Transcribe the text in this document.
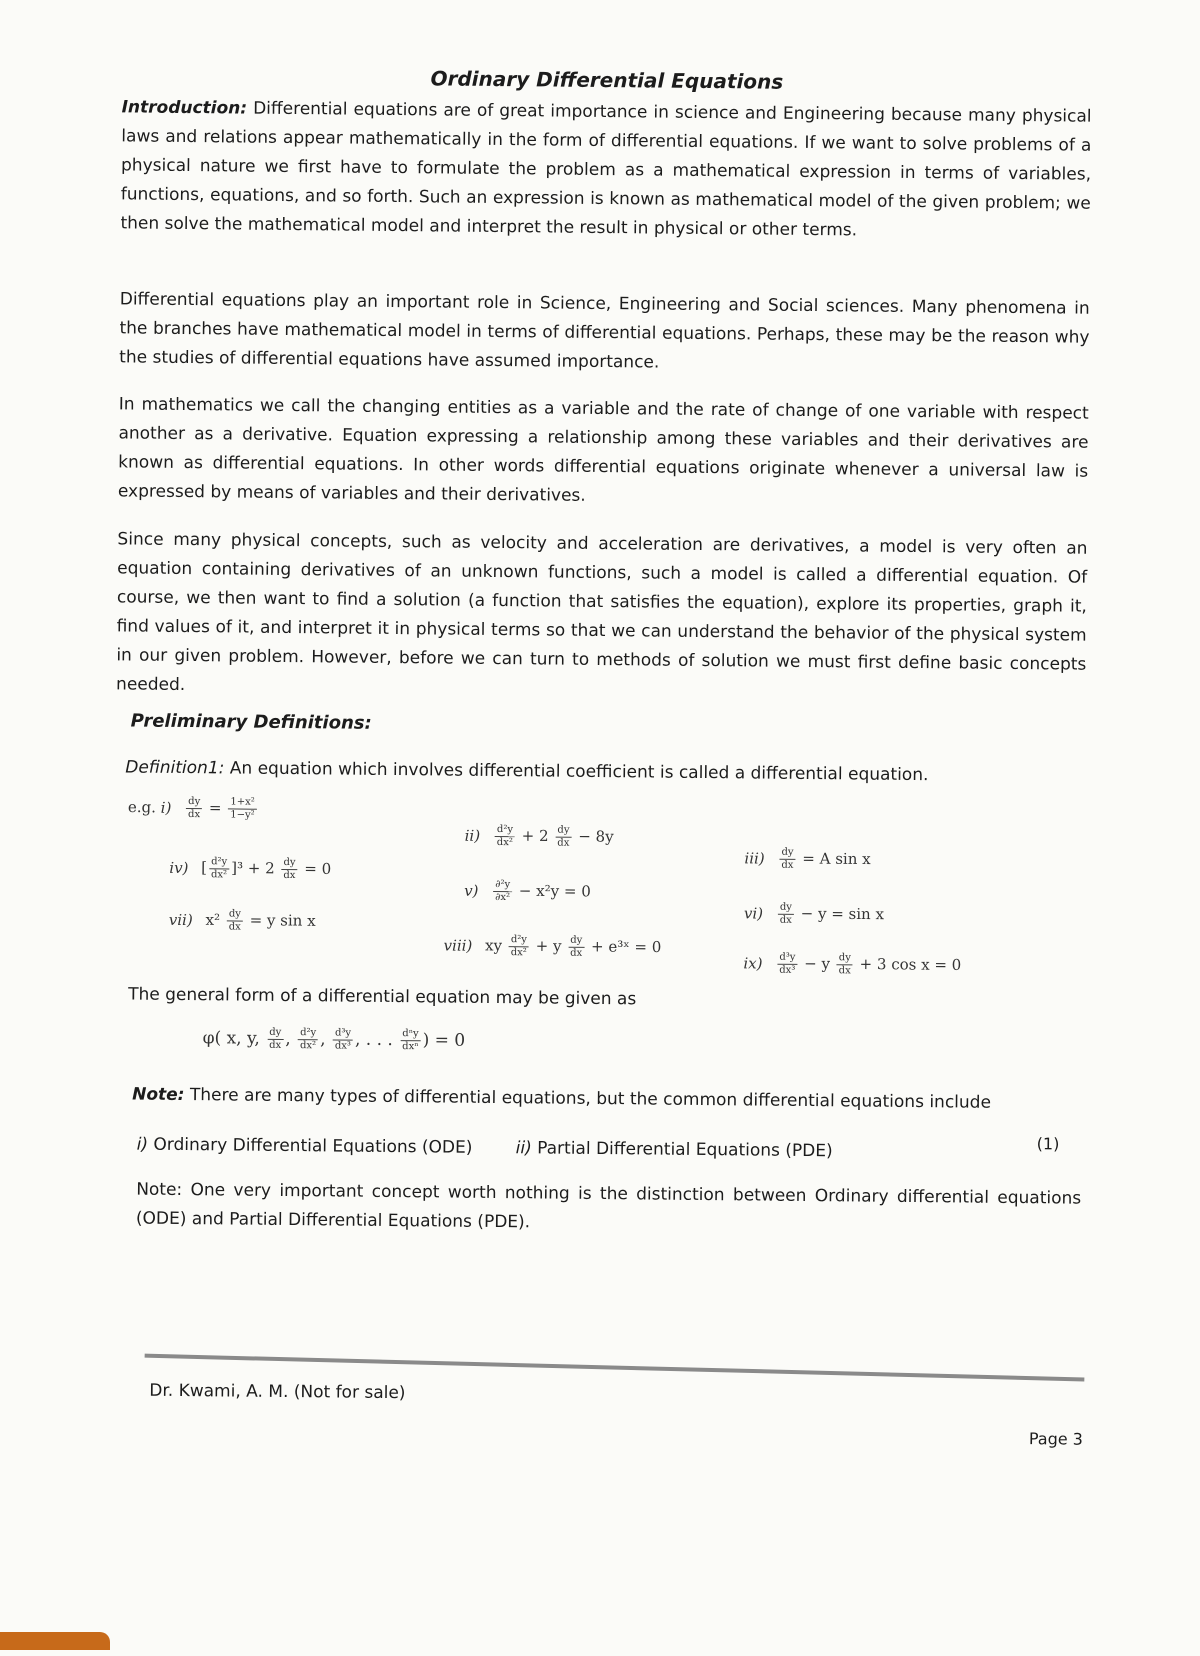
Ordinary Differential Equations
Introduction: Differential equations are of great importance in science and Engineering because many physical laws and relations appear mathematically in the form of differential equations. If we want to solve problems of a physical nature we first have to formulate the problem as a mathematical expression in terms of variables, functions, equations, and so forth. Such an expression is known as mathematical model of the given problem; we then solve the mathematical model and interpret the result in physical or other terms.
Differential equations play an important role in Science, Engineering and Social sciences. Many phenomena in the branches have mathematical model in terms of differential equations. Perhaps, these may be the reason why the studies of differential equations have assumed importance.
In mathematics we call the changing entities as a variable and the rate of change of one variable with respect another as a derivative. Equation expressing a relationship among these variables and their derivatives are known as differential equations. In other words differential equations originate whenever a universal law is expressed by means of variables and their derivatives.
Since many physical concepts, such as velocity and acceleration are derivatives, a model is very often an equation containing derivatives of an unknown functions, such a model is called a differential equation. Of course, we then want to find a solution (a function that satisfies the equation), explore its properties, graph it, find values of it, and interpret it in physical terms so that we can understand the behavior of the physical system in our given problem. However, before we can turn to methods of solution we must first define basic concepts needed.
Preliminary Definitions:
Definition1: An equation which involves differential coefficient is called a differential equation.
e.g. $i) \frac{dy}{dx} = \frac{\text{1+x²}}{\text{1−y²}}$
$ii) \frac{\text{d²y}}{\text{dx²}} + 2 \frac{dy}{dx} - 8y$
$iii) \frac{dy}{dx} = A$ sin x
iv) [ $\frac{\text{d²y}}{\text{dx²}} ]^3 + 2 \frac{dy}{dx} = 0$
$v) \frac{\text{∂²y}}{\text{∂x²}} - x^2y = 0$
$vi) \frac{dy}{dx} - y = \sin x$
vii) $x^2 \frac{dy}{dx} = y$ sin x
viii) xy $\frac{\text{d²y}}{\text{dx²}} + y \frac{dy}{dx}$ + e³ˣ = 0
$ix) \frac{\text{d³y}}{\text{dx³}} - y \frac{dy}{dx} + 3$ cos x = 0
The general form of a differential equation may be given as
φ( x, y, $\frac{dy}{dx}$ , $\frac{\text{d²y}}{\text{dx²}}$ , $\frac{\text{d³y}}{\text{dx³}}$ , . . . $\frac{\text{dⁿy}}{\text{dxⁿ}}$ ) = 0
(1)
Note: There are many types of differential equations, but the common differential equations include
i) Ordinary Differential Equations (ODE)	ii) Partial Differential Equations (PDE)
Note: One very important concept worth nothing is the distinction between Ordinary differential equations (ODE) and Partial Differential Equations (PDE).
Dr. Kwami, A. M. (Not for sale)
Page 3
